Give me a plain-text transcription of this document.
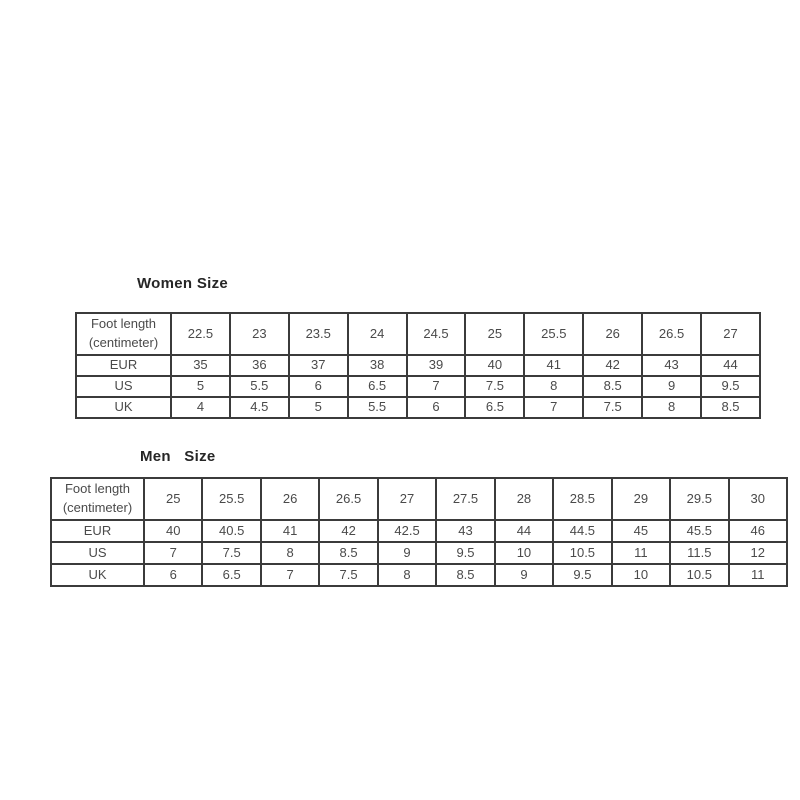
Women Size
Foot length
(centimeter)	22.5	23	23.5	24	24.5	25	25.5	26	26.5	27
EUR	35	36	37	38	39	40	41	42	43	44
US	5	5.5	6	6.5	7	7.5	8	8.5	9	9.5
UK	4	4.5	5	5.5	6	6.5	7	7.5	8	8.5
Men   Size
Foot length
(centimeter)	25	25.5	26	26.5	27	27.5	28	28.5	29	29.5	30
EUR	40	40.5	41	42	42.5	43	44	44.5	45	45.5	46
US	7	7.5	8	8.5	9	9.5	10	10.5	11	11.5	12
UK	6	6.5	7	7.5	8	8.5	9	9.5	10	10.5	11
